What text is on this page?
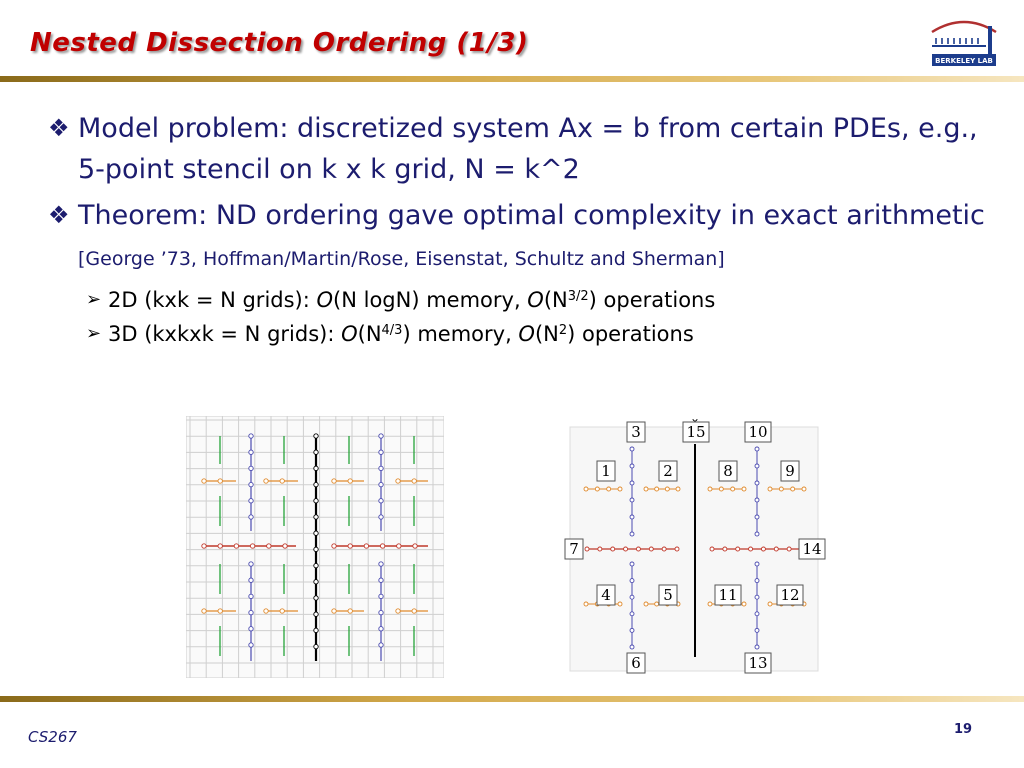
Nested Dissection Ordering (1/3)
BERKELEY LAB
❖ Model problem: discretized system Ax = b from certain PDEs, e.g., 5-point stencil on k x k grid, N = k^2
❖ Theorem: ND ordering gave optimal complexity in exact arithmetic [George ’73, Hoffman/Martin/Rose, Eisenstat, Schultz and Sherman]
➢ 2D (kxk = N grids): O(N logN) memory, $O(N^{3/2})$ operations
➢ 3D (kxkxk = N grids): $O(N^{4/3})$ memory, $O(N^2)$ operations
3	15	10
1	2	8	9
7	14
4	5	11	12
6	13
CS267	19
